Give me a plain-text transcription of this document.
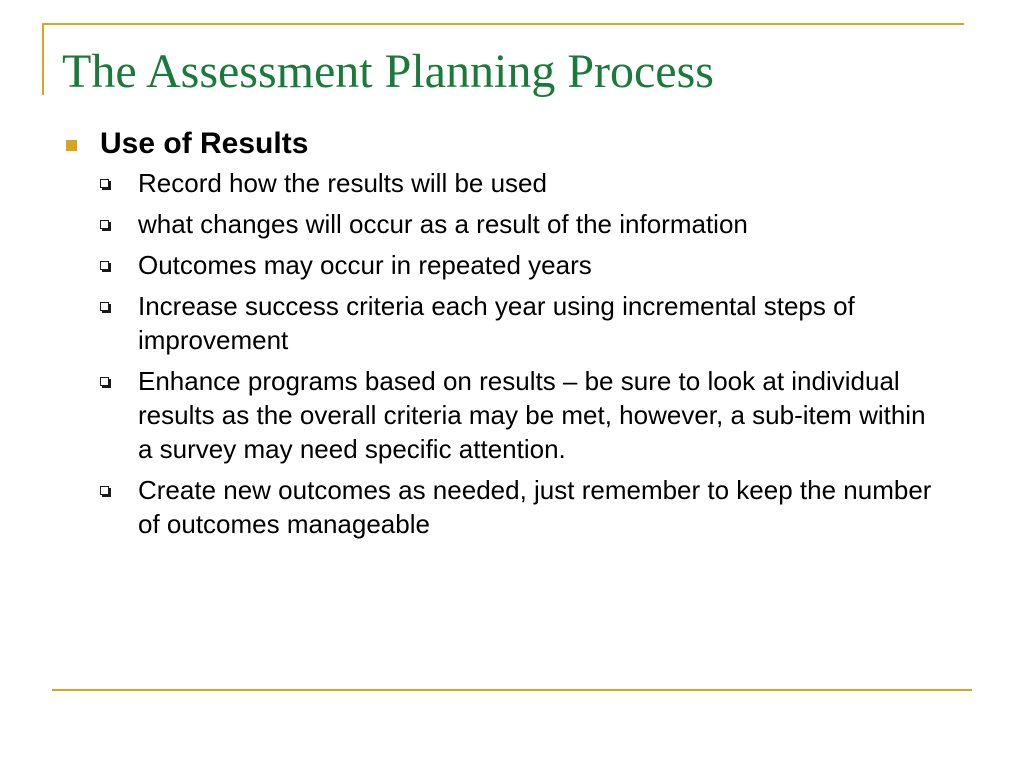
The Assessment Planning Process
Use of Results
Record how the results will be used
what changes will occur as a result of the information
Outcomes may occur in repeated years
Increase success criteria each year using incremental steps of improvement
Enhance programs based on results – be sure to look at individual results as the overall criteria may be met, however, a sub-item within a survey may need specific attention.
Create new outcomes as needed, just remember to keep the number of outcomes manageable
